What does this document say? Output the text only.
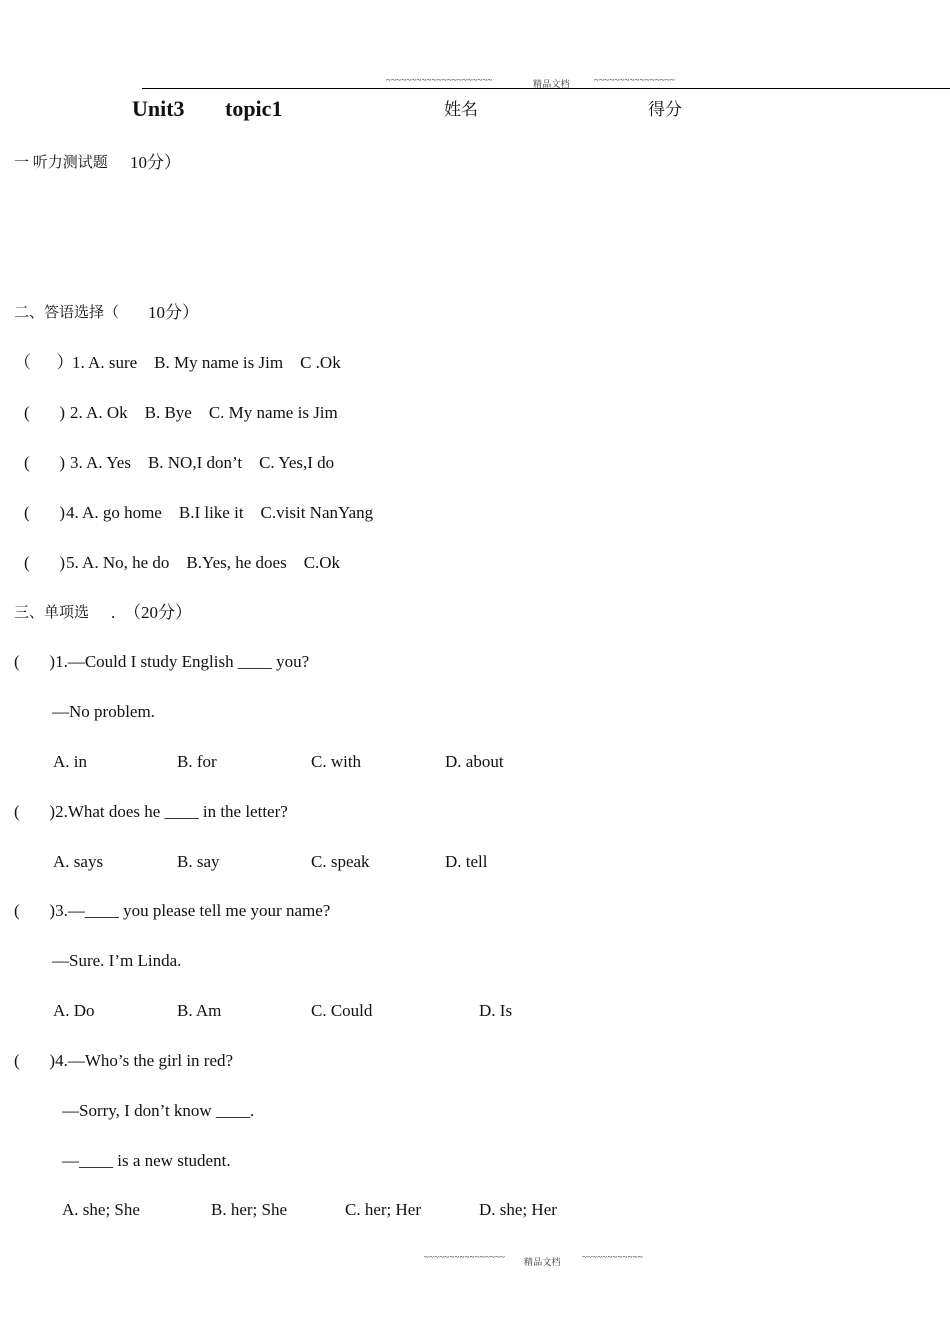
~~~~~~~~~~~~~~~~~~~~~	精品文档	~~~~~~~~~~~~~~~~
Unit3 topic1	姓名	得分
一 听力测试题 10分）
二、答语选择（ 10分）
（      ）
1. A. sure    B. My name is Jim    C .Ok
(       ) 2. A. Ok    B. Bye    C. My name is Jim
(       ) 3. A. Yes    B. NO,I don’t    C. Yes,I do
(       ) 4. A. go home    B.I like it    C.visit NanYang
(       ) 5. A. No, he do    B.Yes, he does    C.Ok
三、单项选 . （20分）
(       )1.—Could I study English ____ you?
—No problem.
A. in	B. for	C. with	D. about
(       )2.What does he ____ in the letter?
A. says	B. say	C. speak	D. tell
(       )3.—____ you please tell me your name?
—Sure. I’m Linda.
A. Do	B. Am	C. Could	D. Is
(       )4.—Who’s the girl in red?
—Sorry, I don’t know ____.
—____ is a new student.
A. she; She	B. her; She	C. her; Her	D. she; Her
~~~~~~~~~~~~~~~~ 精品文档 ~~~~~~~~~~~~
